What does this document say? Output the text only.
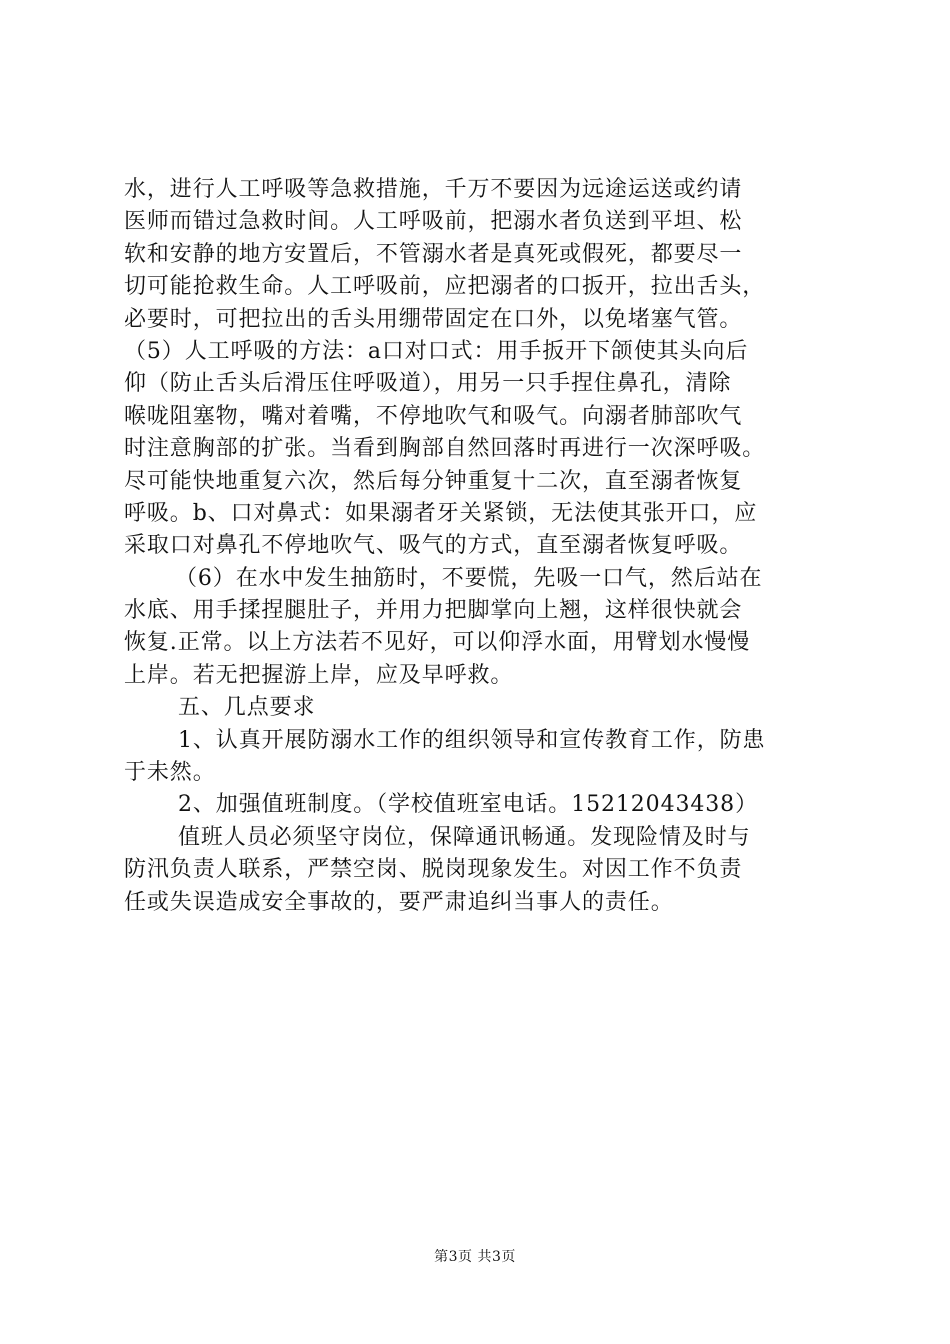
水，进行人工呼吸等急救措施，千万不要因为远途运送或约请
医师而错过急救时间。人工呼吸前，把溺水者负送到平坦、松
软和安静的地方安置后，不管溺水者是真死或假死，都要尽一
切可能抢救生命。人工呼吸前，应把溺者的口扳开，拉出舌头，
必要时，可把拉出的舌头用绷带固定在口外，以免堵塞气管。
（5）人工呼吸的方法：a口对口式：用手扳开下颌使其头向后
仰（防止舌头后滑压住呼吸道），用另一只手捏住鼻孔，清除
喉咙阻塞物，嘴对着嘴，不停地吹气和吸气。向溺者肺部吹气
时注意胸部的扩张。当看到胸部自然回落时再进行一次深呼吸。
尽可能快地重复六次，然后每分钟重复十二次，直至溺者恢复
呼吸。b、口对鼻式：如果溺者牙关紧锁，无法使其张开口，应
采取口对鼻孔不停地吹气、吸气的方式，直至溺者恢复呼吸。
（6）在水中发生抽筋时，不要慌，先吸一口气，然后站在
水底、用手揉捏腿肚子，并用力把脚掌向上翘，这样很快就会
恢复.正常。以上方法若不见好，可以仰浮水面，用臂划水慢慢
上岸。若无把握游上岸，应及早呼救。
五、几点要求
1、认真开展防溺水工作的组织领导和宣传教育工作，防患
于未然。
2、加强值班制度。（学校值班室电话。15212043438）
值班人员必须坚守岗位，保障通讯畅通。发现险情及时与
防汛负责人联系，严禁空岗、脱岗现象发生。对因工作不负责
任或失误造成安全事故的，要严肃追纠当事人的责任。
第3页 共3页
